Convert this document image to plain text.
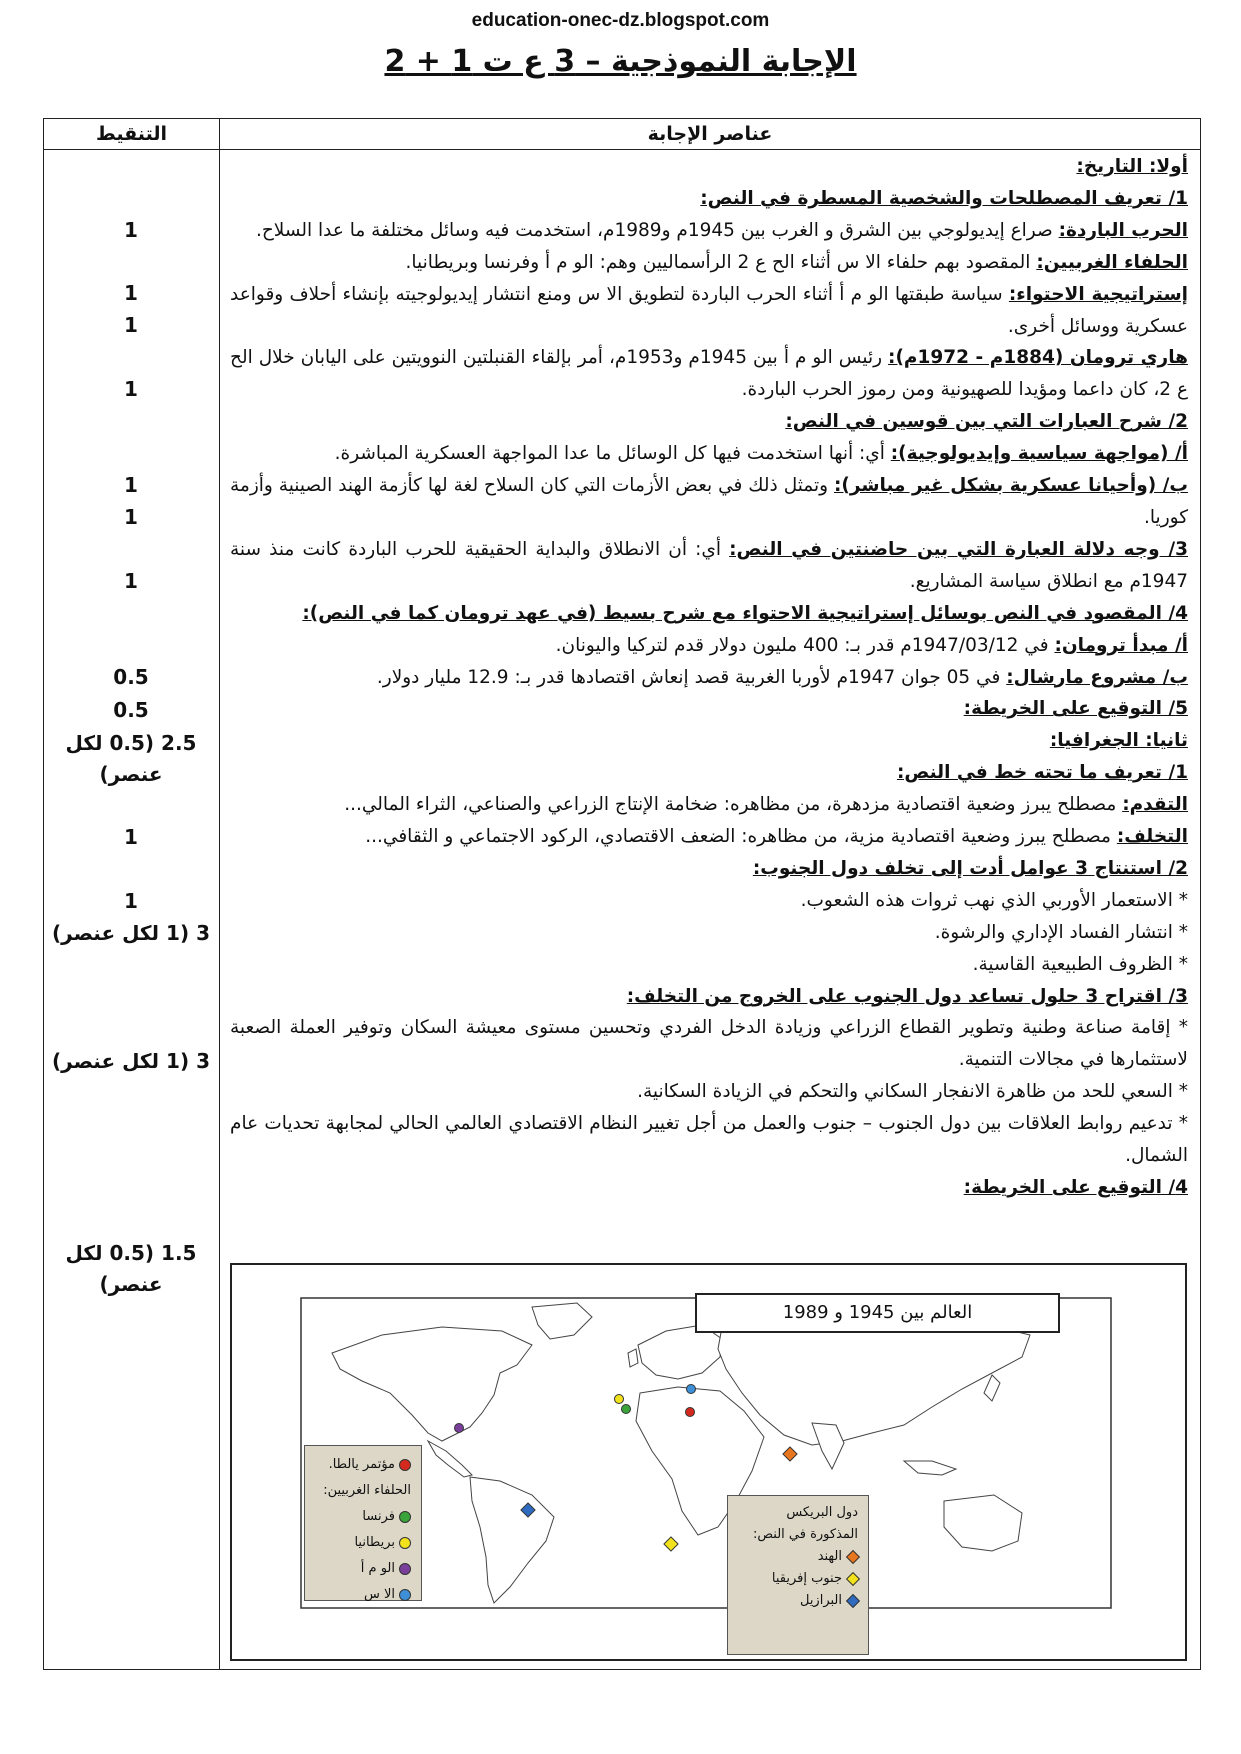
education-onec-dz.blogspot.com
الإجابة النموذجية – 3 ع ت 1 + 2
عناصر الإجابة
التنقيط

أولا: التاريخ:

1/ تعريف المصطلحات والشخصية المسطرة في النص:

الحرب الباردة: صراع إيديولوجي بين الشرق و الغرب بين 1945م و1989م، استخدمت فيه وسائل مختلفة ما عدا السلاح.

الحلفاء الغربيين: المقصود بهم حلفاء الا س أثناء الح ع 2 الرأسماليين وهم: الو م أ وفرنسا وبريطانيا.

إستراتيجية الاحتواء: سياسة طبقتها الو م أ أثناء الحرب الباردة لتطويق الا س ومنع انتشار إيديولوجيته بإنشاء أحلاف وقواعد عسكرية ووسائل أخرى.

هاري ترومان (1884م - 1972م): رئيس الو م أ بين 1945م و1953م، أمر بإلقاء القنبلتين النوويتين على اليابان خلال الح ع 2، كان داعما ومؤيدا للصهيونية ومن رموز الحرب الباردة.

2/ شرح العبارات التي بين قوسين في النص:

أ/ (مواجهة سياسية وإيديولوجية): أي: أنها استخدمت فيها كل الوسائل ما عدا المواجهة العسكرية المباشرة.

ب/ (وأحيانا عسكرية بشكل غير مباشر): وتمثل ذلك في بعض الأزمات التي كان السلاح لغة لها كأزمة الهند الصينية وأزمة كوريا.

3/ وجه دلالة العبارة التي بين حاضنتين في النص: أي: أن الانطلاق والبداية الحقيقية للحرب الباردة كانت منذ سنة 1947م مع انطلاق سياسة المشاريع.

4/ المقصود في النص بوسائل إستراتيجية الاحتواء مع شرح بسيط (في عهد ترومان كما في النص):

أ/ مبدأ ترومان: في 1947/03/12م قدر بـ: 400 مليون دولار قدم لتركيا واليونان.

ب/ مشروع مارشال: في 05 جوان 1947م لأوربا الغربية قصد إنعاش اقتصادها قدر بـ: 12.9 مليار دولار.

5/ التوقيع على الخريطة:

ثانيا: الجغرافيا:

1/ تعريف ما تحته خط في النص:

التقدم: مصطلح يبرز وضعية اقتصادية مزدهرة، من مظاهره: ضخامة الإنتاج الزراعي والصناعي، الثراء المالي...

التخلف: مصطلح يبرز وضعية اقتصادية مزية، من مظاهره: الضعف الاقتصادي، الركود الاجتماعي و الثقافي...

2/ استنتاج 3 عوامل أدت إلى تخلف دول الجنوب:

* الاستعمار الأوربي الذي نهب ثروات هذه الشعوب.

* انتشار الفساد الإداري والرشوة.

* الظروف الطبيعية القاسية.

3/ اقتراح 3 حلول تساعد دول الجنوب على الخروج من التخلف:

* إقامة صناعة وطنية وتطوير القطاع الزراعي وزيادة الدخل الفردي وتحسين مستوى معيشة السكان وتوفير العملة الصعبة لاستثمارها في مجالات التنمية.

* السعي للحد من ظاهرة الانفجار السكاني والتحكم في الزيادة السكانية.

* تدعيم روابط العلاقات بين دول الجنوب – جنوب والعمل من أجل تغيير النظام الاقتصادي العالمي الحالي لمجابهة تحديات عام الشمال.

4/ التوقيع على الخريطة:

1
1
1
1
1
1
1
0.5
0.5
2.5 (0.5 لكل عنصر)
1
1
3 (1 لكل عنصر)
3 (1 لكل عنصر)
1.5 (0.5 لكل عنصر)
العالم بين 1945 و 1989
مؤتمر يالطا.
الحلفاء الغربيين:
فرنسا
بريطانيا
الو م أ
الا س
دول البريكس المذكورة في النص:
الهند
جنوب إفريقيا
البرازيل
